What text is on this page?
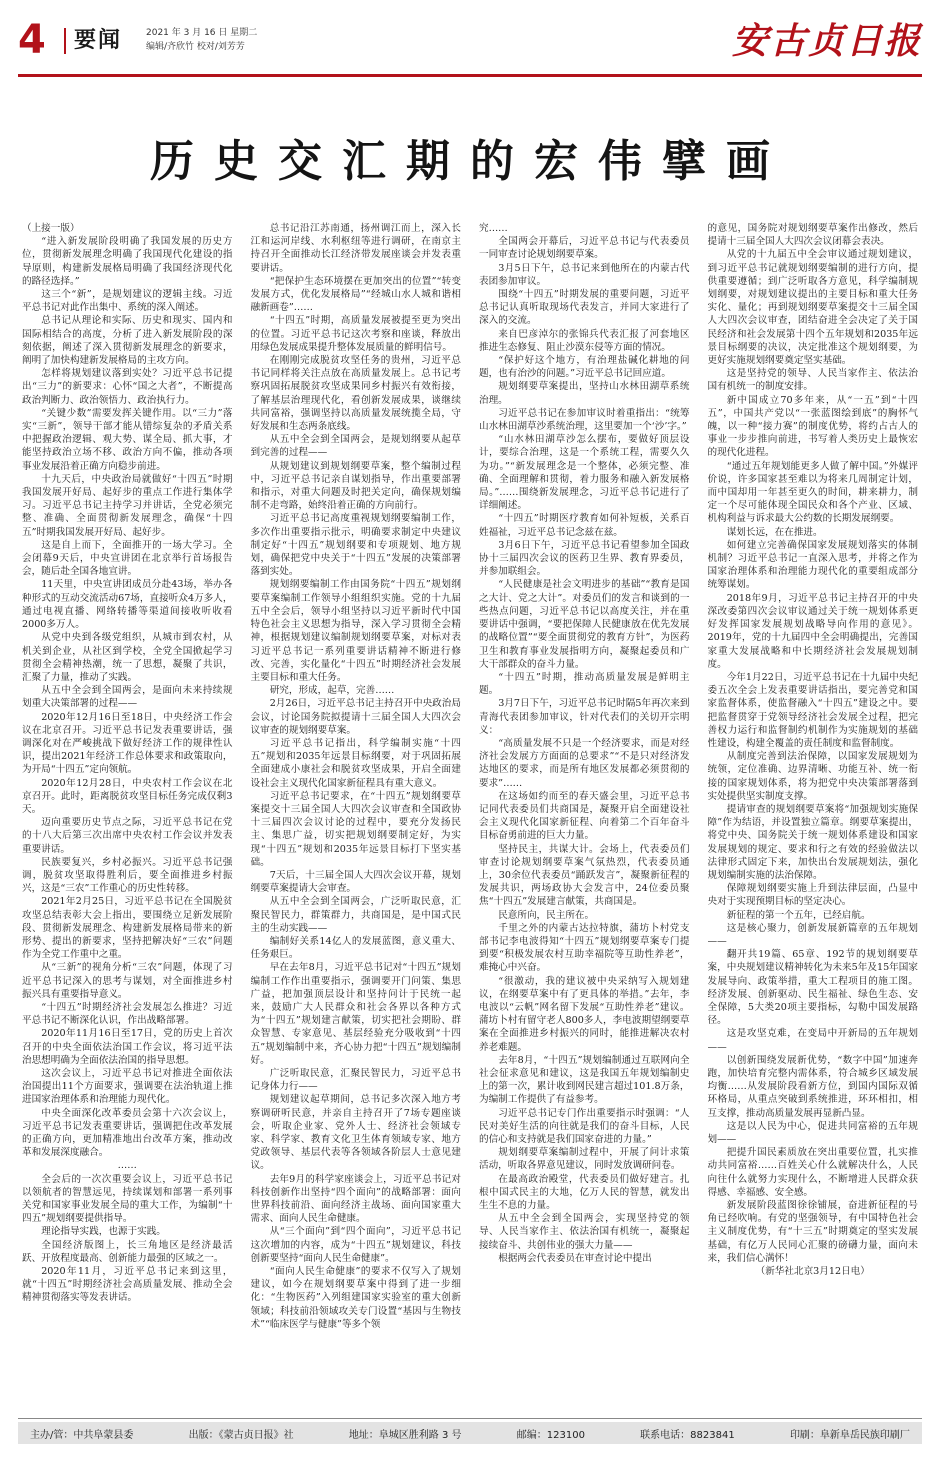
4	要闻	2021 年 3 月 16 日 星期二
编辑/齐欣竹 校对/刘芳芳	安古贞日报
历史交汇期的宏伟擘画

（上接一版）

“进入新发展阶段明确了我国发展的历史方位，贯彻新发展理念明确了我国现代化建设的指导原则，构建新发展格局明确了我国经济现代化的路径选择。”

这三个“新”，是规划建议的逻辑主线。习近平总书记对此作出集中、系统的深入阐述。

总书记从理论和实际、历史和现实、国内和国际相结合的高度，分析了进入新发展阶段的深刻依据，阐述了深入贯彻新发展理念的新要求，阐明了加快构建新发展格局的主攻方向。

怎样将规划建议落到实处？习近平总书记提出“三力”的新要求：心怀“国之大者”，不断提高政治判断力、政治领悟力、政治执行力。

“关键少数”需要发挥关键作用。以“三力”落实“三新”，领导干部才能从错综复杂的矛盾关系中把握政治逻辑、观大势、谋全局、抓大事，才能坚持政治立场不移、政治方向不偏，推动各项事业发展沿着正确方向稳步前进。

十九天后，中央政治局就做好“十四五”时期我国发展开好局、起好步的重点工作进行集体学习。习近平总书记主持学习并讲话，全党必须完整、准确、全面贯彻新发展理念，确保“十四五”时期我国发展开好局、起好步。

这是自上而下，全面推开的一场大学习。全会闭幕9天后，中央宣讲团在北京举行首场报告会，随后赴全国各地宣讲。

11天里，中央宣讲团成员分赴43场，举办各种形式的互动交流活动67场，直接听众4万多人，通过电视直播、网络转播等渠道间接收听收看2000多万人。

从党中央到各级党组织，从城市到农村，从机关到企业，从社区到学校，全党全国掀起学习贯彻全会精神热潮，统一了思想，凝聚了共识，汇聚了力量，推动了实践。

从五中全会到全国两会，是面向未来持续规划重大决策部署的过程——

2020年12月16日至18日，中央经济工作会议在北京召开。习近平总书记发表重要讲话，强调深化对在严峻挑战下做好经济工作的规律性认识，提出2021年经济工作总体要求和政策取向，为开局“十四五”定向领航。

2020年12月28日，中央农村工作会议在北京召开。此时，距离脱贫攻坚目标任务完成仅剩3天。

迈向重要历史节点之际，习近平总书记在党的十八大后第三次出席中央农村工作会议并发表重要讲话。

民族要复兴，乡村必振兴。习近平总书记强调，脱贫攻坚取得胜利后，要全面推进乡村振兴，这是“三农”工作重心的历史性转移。

2021年2月25日，习近平总书记在全国脱贫攻坚总结表彰大会上指出，要围绕立足新发展阶段、贯彻新发展理念、构建新发展格局带来的新形势、提出的新要求，坚持把解决好“三农”问题作为全党工作重中之重。

从“三新”的视角分析“三农”问题，体现了习近平总书记深入的思考与谋划，对全面推进乡村振兴具有重要指导意义。

“十四五”时期经济社会发展怎么推进？习近平总书记不断深化认识，作出战略部署。

2020年11月16日至17日，党的历史上首次召开的中央全面依法治国工作会议，将习近平法治思想明确为全面依法治国的指导思想。

这次会议上，习近平总书记对推进全面依法治国提出11个方面要求，强调要在法治轨道上推进国家治理体系和治理能力现代化。

中央全面深化改革委员会第十六次会议上，习近平总书记发表重要讲话，强调把住改革发展的正确方向，更加精准地出台改革方案，推动改革和发展深度融合。

……

全会后的一次次重要会议上，习近平总书记以领航者的智慧远见，持续谋划和部署一系列事关党和国家事业发展全局的重大工作，为编制“十四五”规划纲要提供指导。

理论指导实践，也源于实践。

全国经济版图上，长三角地区是经济最活跃、开放程度最高、创新能力最强的区域之一。

2020年11月，习近平总书记来到这里，就“十四五”时期经济社会高质量发展、推动全会精神贯彻落实等发表讲话。

总书记沿江苏南通，扬州调江而上，深入长江和运河岸线、水利枢纽等进行调研，在南京主持召开全面推动长江经济带发展座谈会并发表重要讲话。

“把保护生态环境摆在更加突出的位置”“转变发展方式，优化发展格局”“经城山水人城和谐相融新画卷”……

“十四五”时期，高质量发展被提至更为突出的位置。习近平总书记这次考察和座谈，释放出用绿色发展成果提升整体发展质量的鲜明信号。

在刚刚完成脱贫攻坚任务的贵州，习近平总书记同样将关注点放在高质量发展上。总书记考察巩固拓展脱贫攻坚成果同乡村振兴有效衔接，了解基层治理现代化，看创新发展成果，谈继续共同富裕，强调坚持以高质量发展统揽全局，守好发展和生态两条底线。

从五中全会到全国两会，是规划纲要从起草到完善的过程——

从规划建议到规划纲要草案，整个编制过程中，习近平总书记亲自谋划指导，作出重要部署和指示，对重大问题及时把关定向，确保规划编制不走弯路，始终沿着正确的方向前行。

习近平总书记高度重视规划纲要编制工作，多次作出重要指示批示，明确要求制定中央建议制定好“十四五”规划纲要和专项规划、地方规划，确保把党中央关于“十四五”发展的决策部署落到实处。

规划纲要编制工作由国务院“十四五”规划纲要草案编制工作领导小组组织实施。党的十九届五中全会后，领导小组坚持以习近平新时代中国特色社会主义思想为指导，深入学习贯彻全会精神，根据规划建议编制规划纲要草案，对标对表习近平总书记一系列重要讲话精神不断进行修改、完善，实化量化“十四五”时期经济社会发展主要目标和重大任务。

研究，形成，起草，完善……

2月26日，习近平总书记主持召开中央政治局会议，讨论国务院拟提请十三届全国人大四次会议审查的规划纲要草案。

习近平总书记指出，科学编制实施“十四五”规划和2035年远景目标纲要，对于巩固拓展全面建成小康社会和脱贫攻坚成果，开启全面建设社会主义现代化国家新征程具有重大意义。

习近平总书记要求，在“十四五”规划纲要草案提交十三届全国人大四次会议审查和全国政协十三届四次会议讨论的过程中，要充分发扬民主、集思广益，切实把规划纲要制定好，为实现“十四五”规划和2035年远景目标打下坚实基础。

7天后，十三届全国人大四次会议开幕，规划纲要草案提请大会审查。

从五中全会到全国两会，广泛听取民意，汇聚民智民力，群策群力，共商国是，是中国式民主的生动实践——

编制好关系14亿人的发展蓝图，意义重大、任务艰巨。

早在去年8月，习近平总书记对“十四五”规划编制工作作出重要指示，强调要开门问策、集思广益，把加强顶层设计和坚持问计于民统一起来，鼓励广大人民群众和社会各界以各种方式为“十四五”规划建言献策，切实把社会期盼、群众智慧、专家意见、基层经验充分吸收到“十四五”规划编制中来，齐心协力把“十四五”规划编制好。

广泛听取民意，汇聚民智民力，习近平总书记身体力行——

规划建议起草期间，总书记多次深入地方考察调研听民意，并亲自主持召开了7场专题座谈会，听取企业家、党外人士、经济社会领域专家、科学家、教育文化卫生体育领域专家、地方党政领导、基层代表等各领域各阶层人士意见建议。

去年9月的科学家座谈会上，习近平总书记对科技创新作出坚持“四个面向”的战略部署：面向世界科技前沿、面向经济主战场、面向国家重大需求、面向人民生命健康。

从“三个面向”到“四个面向”，习近平总书记这次增加的内容，成为“十四五”规划建议，科技创新要坚持“面向人民生命健康”。

“面向人民生命健康”的要求不仅写入了规划建议，如今在规划纲要草案中得到了进一步细化：“生物医药”入列组建国家实验室的重大创新领域；科技前沿领域攻关专门设置“基因与生物技术”“临床医学与健康”等多个领

究……

全国两会开幕后，习近平总书记与代表委员一同审查讨论规划纲要草案。

3月5日下午，总书记来到他所在的内蒙古代表团参加审议。

围绕“十四五”时期发展的重要问题，习近平总书记认真听取现场代表发言，并同大家进行了深入的交流。

来自巴彦淖尔的张锦兵代表汇报了河套地区推进生态修复、阻止沙漠东侵等方面的情况。

“保护好这个地方，有治理盐碱化耕地的问题，也有治沙的问题。”习近平总书记回应道。

规划纲要草案提出，坚持山水林田湖草系统治理。

习近平总书记在参加审议时着重指出：“统筹山水林田湖草沙系统治理，这里要加一个‘沙’字。”

“山水林田湖草沙怎么摆布，要做好顶层设计，要综合治理，这是一个系统工程，需要久久为功。”“新发展理念是一个整体，必须完整、准确、全面理解和贯彻，着力服务和融入新发展格局。”……围绕新发展理念，习近平总书记进行了详细阐述。

“十四五”时期医疗教育如何补短板，关系百姓福祉，习近平总书记念兹在兹。

3月6日下午，习近平总书记看望参加全国政协十三届四次会议的医药卫生界、教育界委员，并参加联组会。

“人民健康是社会文明进步的基础”“教育是国之大计、党之大计”。对委员们的发言和谈到的一些热点问题，习近平总书记以高度关注，并在重要讲话中强调，“要把保障人民健康放在优先发展的战略位置”“要全面贯彻党的教育方针”，为医药卫生和教育事业发展指明方向，凝聚起委员和广大干部群众的奋斗力量。

“十四五”时期，推动高质量发展是鲜明主题。

3月7日下午，习近平总书记时隔5年再次来到青海代表团参加审议，针对代表们的关切开宗明义：

“高质量发展不只是一个经济要求，而是对经济社会发展方方面面的总要求”“不是只对经济发达地区的要求，而是所有地区发展都必须贯彻的要求”……

在这场如约而至的春天盛会里，习近平总书记同代表委员们共商国是，凝聚开启全面建设社会主义现代化国家新征程、向着第二个百年奋斗目标奋勇前进的巨大力量。

坚持民主，共谋大计。会场上，代表委员们审查讨论规划纲要草案气氛热烈，代表委员通上，30余位代表委员“踊跃发言”，凝聚新征程的发展共识，两场政协大会发言中，24位委员聚焦“十四五”发展建言献策，共商国是。

民意所向，民主所在。

千里之外的内蒙古达拉特旗，蒲坊卜村党支部书记李电波得知“十四五”规划纲要草案专门提到要“积极发展农村互助幸福院等互助性养老”，难掩心中兴奋。

“很激动，我的建议被中央采纳写入规划建议，在纲要草案中有了更具体的举措。”去年，李电波以“云帆”网名留下发展“互助性养老”建议。蒲坊卜村有留守老人800多人，李电波期望纲要草案在全面推进乡村振兴的同时，能推进解决农村养老难题。

去年8月，“十四五”规划编制通过互联网向全社会征求意见和建议，这是我国五年规划编制史上的第一次，累计收到网民建言超过101.8万条，为编制工作提供了有益参考。

习近平总书记专门作出重要指示时强调：“人民对美好生活的向往就是我们的奋斗目标，人民的信心和支持就是我们国家奋进的力量。”

规划纲要草案编制过程中，开展了问计求策活动，听取各界意见建议，同时发放调研问卷。

在最高政治殿堂，代表委员们做好建言。扎根中国式民主的大地，亿万人民的智慧，就发出生生不息的力量。

从五中全会到全国两会，实现坚持党的领导、人民当家作主、依法治国有机统一，凝聚起接续奋斗、共创伟业的强大力量——

根据两会代表委员在审查讨论中提出

的意见，国务院对规划纲要草案作出修改，然后提请十三届全国人大四次会议闭幕会表决。

从党的十九届五中全会审议通过规划建议，到习近平总书记就规划纲要编制的进行方向，提供重要遵循；到广泛听取各方意见，科学编制规划纲要，对规划建议提出的主要目标和重大任务实化、量化；再到规划纲要草案提交十三届全国人大四次会议审查，团结奋进全会决定了关于国民经济和社会发展第十四个五年规划和2035年远景目标纲要的决议，决定批准这个规划纲要，为更好实施规划纲要奠定坚实基础。

这是坚持党的领导、人民当家作主、依法治国有机统一的制度安排。

新中国成立70多年来，从“一五”到“十四五”，中国共产党以“一张蓝图绘到底”的胸怀气魄，以一种“接力赛”的制度优势，将约占古人的事业一步步推向前进，书写着人类历史上最恢宏的现代化进程。

“通过五年规划能更多人做了解中国。”外媒评价说，许多国家甚至难以为将来几周制定计划，而中国却用一年甚至更久的时间，耕来耕力，制定一个尽可能体现全国民众和各个产业、区域、机构利益与诉求最大公约数的长期发展纲要。

谋划长远，在在推进。

如何建立完善确保国家发展规划落实的体制机制？习近平总书记一直深入思考，并将之作为国家治理体系和治理能力现代化的重要组成部分统筹谋划。

2018年9月，习近平总书记主持召开的中央深改委第四次会议审议通过关于统一规划体系更好发挥国家发展规划战略导向作用的意见》。2019年，党的十九届四中全会明确提出，完善国家重大发展战略和中长期经济社会发展规划制度。

今年1月22日，习近平总书记在十九届中央纪委五次全会上发表重要讲话指出，要完善党和国家监督体系，使监督融入“十四五”建设之中。要把监督贯穿于党领导经济社会发展全过程，把完善权力运行和监督制约机制作为实施规划的基础性建设，构建全覆盖的责任制度和监督制度。

从制度完善到法治保障，以国家发展规划为统领，定位准确、边界清晰、功能互补、统一衔接的国家规划体系，将为把党中央决策部署落到实处提供坚实制度支撑。

提请审查的规划纲要草案将“加强规划实施保障”作为结语，并设置独立篇章。纲要草案提出，将党中央、国务院关于统一规划体系建设和国家发展规划的规定、要求和行之有效的经验做法以法律形式固定下来，加快出台发展规划法，强化规划编制实施的法治保障。

保障规划纲要实施上升到法律层面，凸显中央对于实现预期目标的坚定决心。

新征程的第一个五年，已经启航。

这是核心聚力，创新发展新篇章的五年规划——

翻开共19篇、65章、192节的规划纲要草案，中央规划建议精神转化为未来5年及15年国家发展导向、政策举措，重大工程项目的施工图。经济发展、创新驱动、民生福祉、绿色生态、安全保障，5大类20项主要指标，勾勒中国发展路径。

这是攻坚克难，在变局中开新局的五年规划——

以创新围绕发展新优势，“数字中国”加速奔跑，加快培育完整内需体系，符合城乡区域发展均衡……从发展阶段看新方位，到国内国际双循环格局，从重点突破到系统推进，环环相扣，相互支撑，推动高质量发展再显新凸显。

这是以人民为中心，促进共同富裕的五年规划——

把提升国民素质放在突出重要位置，扎实推动共同富裕……百姓关心什么就解决什么，人民向往什么就努力实现什么，不断增进人民群众获得感、幸福感、安全感。

新发展阶段蓝图徐徐铺展，奋进新征程的号角已经吹响。有党的坚强领导，有中国特色社会主义制度优势，有“十三五”时期奠定的坚实发展基础，有亿万人民同心汇聚的磅礴力量，面向未来，我们信心满怀！

（新华社北京3月12日电）

主办/管：中共阜蒙县委	出版：《蒙古贞日报》社	地址：阜城区胜利路 3 号	邮编：123100	联系电话：8823841	印刷：阜新阜岳民族印刷厂
